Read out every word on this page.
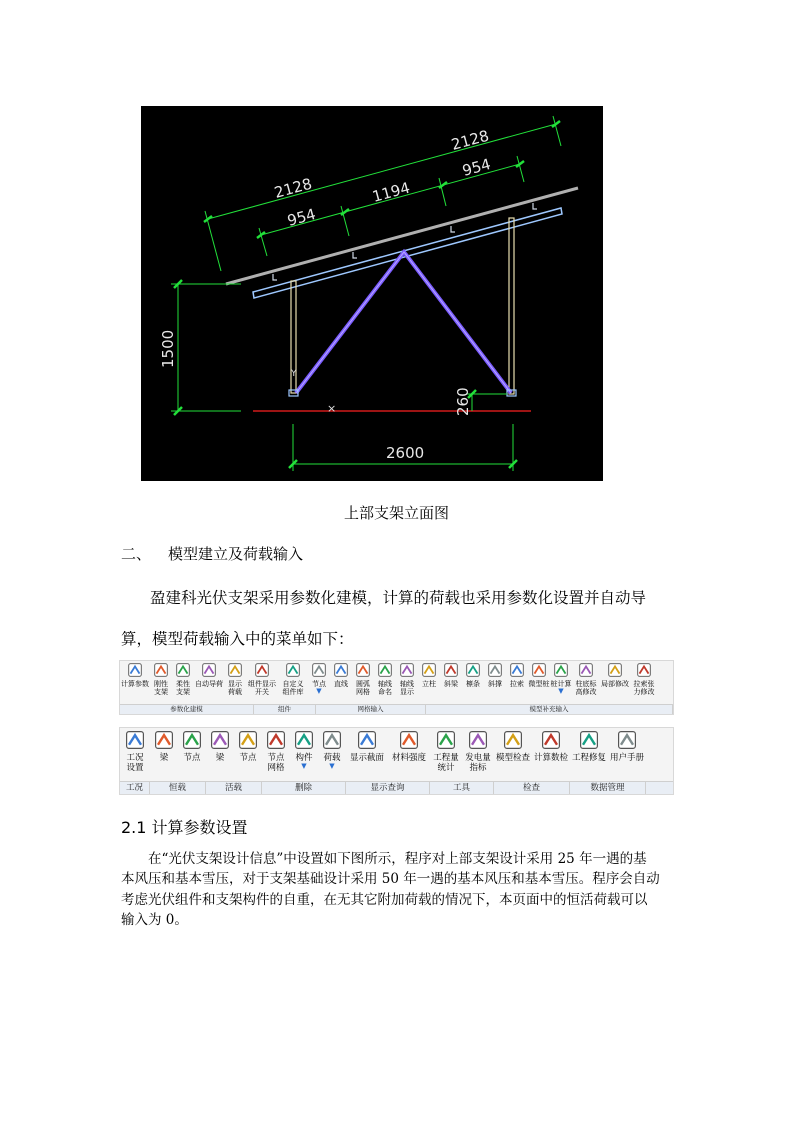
×
Y
2128
954
1194
954
2128
1500
260
2600
上部支架立面图
二、 模型建立及荷载输入
盈建科光伏支架采用参数化建模，计算的荷载也采用参数化设置并自动导
算，模型荷载输入中的菜单如下：
计算参数 刚性
支架
柔性
支架
自动导荷 显示
荷载
组件显示
开关
自定义
组件库
节点
▼
直线 圆弧
网格
轴线
命名
轴线
显示
立柱 斜梁 檩条 斜撑 拉索 微型桩 桩计算
▼
柱底标
高修改
局部修改 拉索张
力修改
参数化建模	组件	网格输入	模型补充输入
工况
设置
梁 节点 梁 节点 节点
网格
构件
▼
荷载
▼
显示截面 材料强度 工程量
统计
发电量
指标
模型检查 计算数检 工程修复 用户手册
工况	恒载	活载	删除	显示查询	工具	检查	数据管理
2.1 计算参数设置
在“光伏支架设计信息”中设置如下图所示，程序对上部支架设计采用 25 年一遇的基
本风压和基本雪压，对于支架基础设计采用 50 年一遇的基本风压和基本雪压。程序会自动
考虑光伏组件和支架构件的自重，在无其它附加荷载的情况下，本页面中的恒活荷载可以
输入为 0。
